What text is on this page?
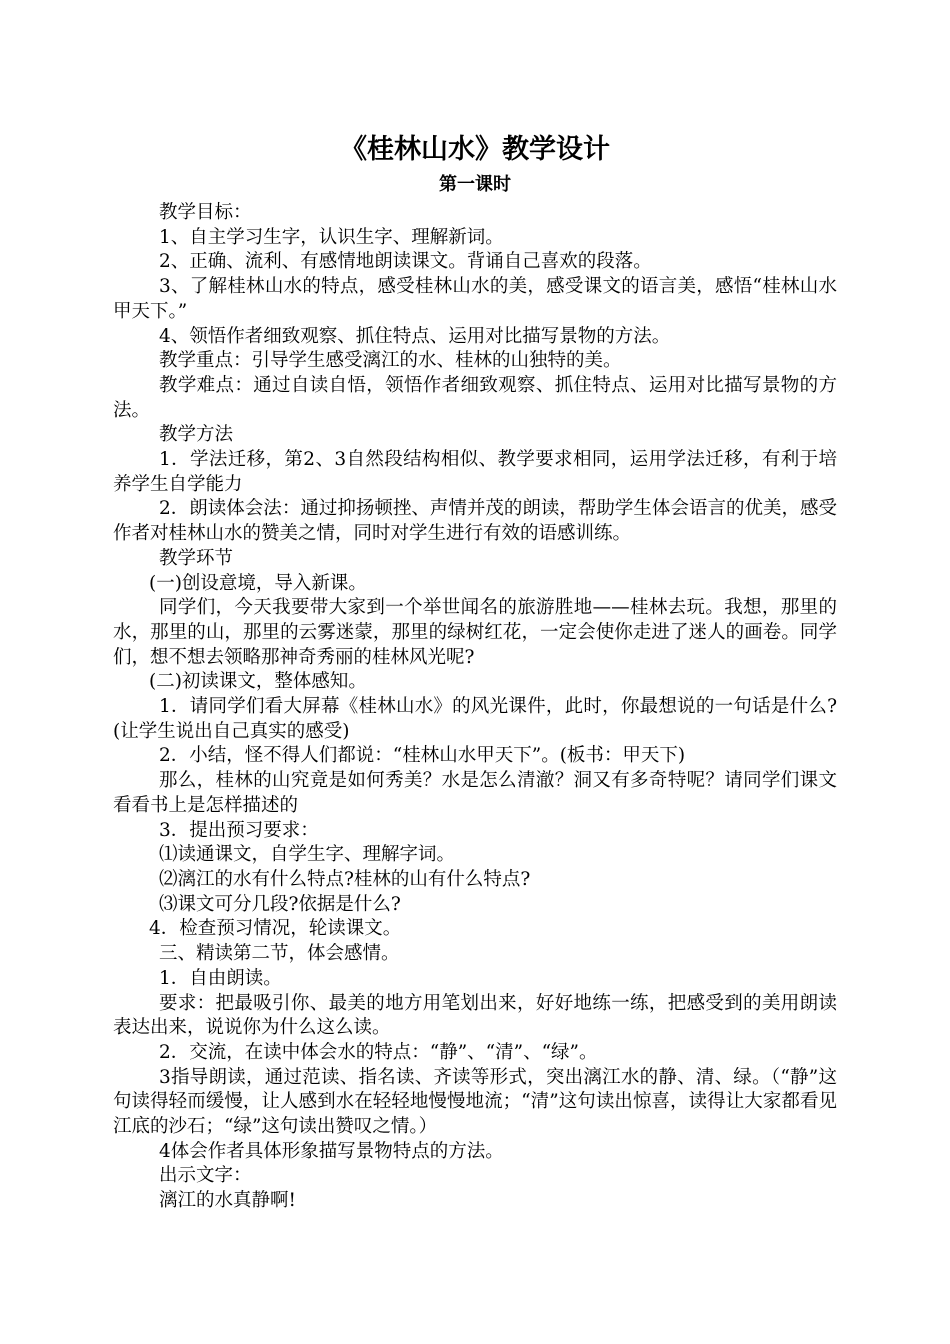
《桂林山水》教学设计
第一课时

教学目标：

1、自主学习生字，认识生字、理解新词。

2、正确、流利、有感情地朗读课文。背诵自己喜欢的段落。

3、了解桂林山水的特点，感受桂林山水的美，感受课文的语言美，感悟“桂林山水甲天下。”

4、领悟作者细致观察、抓住特点、运用对比描写景物的方法。

教学重点：引导学生感受漓江的水、桂林的山独特的美。

教学难点：通过自读自悟，领悟作者细致观察、抓住特点、运用对比描写景物的方法。

教学方法

1．学法迁移，第2、3自然段结构相似、教学要求相同，运用学法迁移，有利于培养学生自学能力

2．朗读体会法：通过抑扬顿挫、声情并茂的朗读，帮助学生体会语言的优美，感受作者对桂林山水的赞美之情，同时对学生进行有效的语感训练。

教学环节

(一)创设意境，导入新课。

同学们，今天我要带大家到一个举世闻名的旅游胜地——桂林去玩。我想，那里的水，那里的山，那里的云雾迷蒙，那里的绿树红花，一定会使你走进了迷人的画卷。同学们，想不想去领略那神奇秀丽的桂林风光呢?

(二)初读课文，整体感知。

1．请同学们看大屏幕《桂林山水》的风光课件，此时，你最想说的一句话是什么?(让学生说出自己真实的感受)

2．小结，怪不得人们都说：“桂林山水甲天下”。(板书：甲天下)

那么，桂林的山究竟是如何秀美？水是怎么清澈？洞又有多奇特呢？请同学们课文看看书上是怎样描述的

3．提出预习要求：

⑴读通课文，自学生字、理解字词。

⑵漓江的水有什么特点?桂林的山有什么特点?

⑶课文可分几段?依据是什么?

4．检查预习情况，轮读课文。

三、精读第二节，体会感情。

1．自由朗读。

要求：把最吸引你、最美的地方用笔划出来，好好地练一练，把感受到的美用朗读表达出来，说说你为什么这么读。

2．交流，在读中体会水的特点：“静”、“清”、“绿”。

3指导朗读，通过范读、指名读、齐读等形式，突出漓江水的静、清、绿。（“静”这句读得轻而缓慢，让人感到水在轻轻地慢慢地流；“清”这句读出惊喜，读得让大家都看见江底的沙石；“绿”这句读出赞叹之情。）

4体会作者具体形象描写景物特点的方法。

出示文字：

漓江的水真静啊!
